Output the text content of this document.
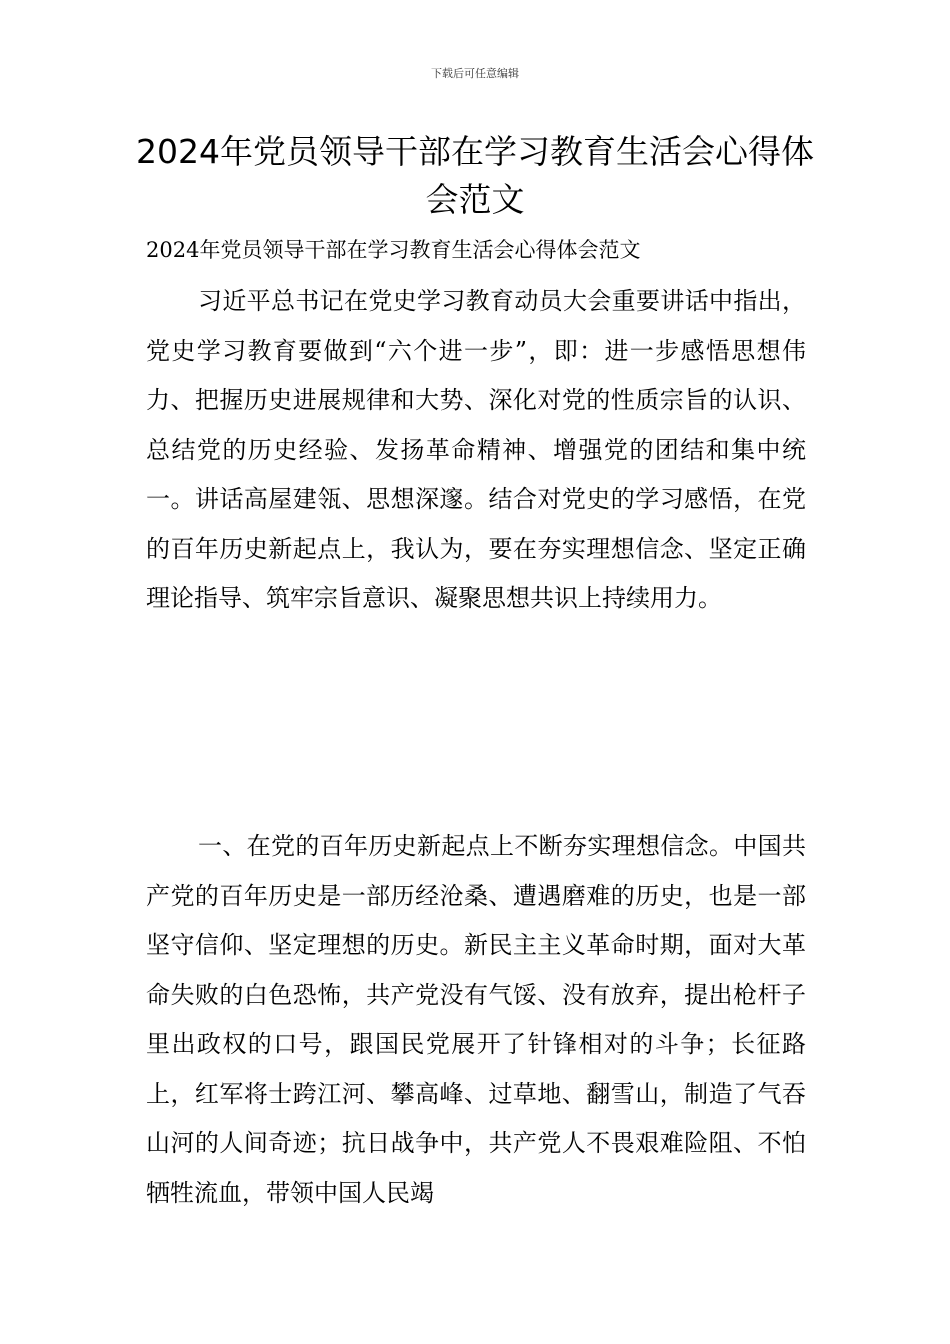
下载后可任意编辑
2024年党员领导干部在学习教育生活会心得体会范文

2024年党员领导干部在学习教育生活会心得体会范文

习近平总书记在党史学习教育动员大会重要讲话中指出，党史学习教育要做到“六个进一步”，即：进一步感悟思想伟力、把握历史进展规律和大势、深化对党的性质宗旨的认识、总结党的历史经验、发扬革命精神、增强党的团结和集中统一。讲话高屋建瓴、思想深邃。结合对党史的学习感悟，在党的百年历史新起点上，我认为，要在夯实理想信念、坚定正确理论指导、筑牢宗旨意识、凝聚思想共识上持续用力。

一、在党的百年历史新起点上不断夯实理想信念。中国共产党的百年历史是一部历经沧桑、遭遇磨难的历史，也是一部坚守信仰、坚定理想的历史。新民主主义革命时期，面对大革命失败的白色恐怖，共产党没有气馁、没有放弃，提出枪杆子里出政权的口号，跟国民党展开了针锋相对的斗争；长征路上，红军将士跨江河、攀高峰、过草地、翻雪山，制造了气吞山河的人间奇迹；抗日战争中，共产党人不畏艰难险阻、不怕牺牲流血，带领中国人民竭
